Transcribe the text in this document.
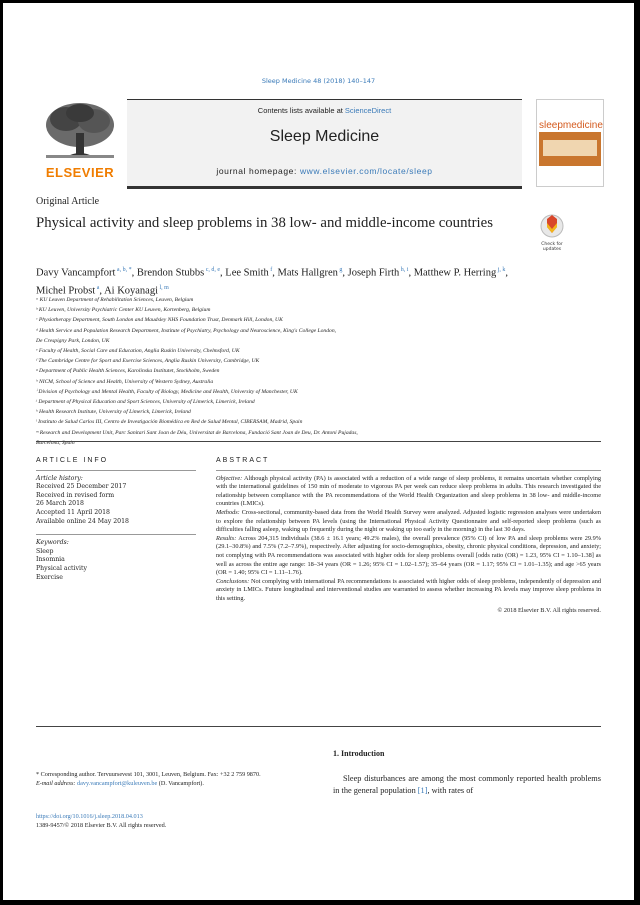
Sleep Medicine 48 (2018) 140–147
ELSEVIER
Contents lists available at ScienceDirect
Sleep Medicine
journal homepage: www.elsevier.com/locate/sleep
sleepmedicine
Original Article
Physical activity and sleep problems in 38 low- and middle-income countries
Check for
updates
Davy Vancampfort $^{a, b, *}$, Brendon Stubbs $^{c, d, e}$, Lee Smith $^f$, Mats Hallgren $^g$, Joseph Firth $^{h, i}$, Matthew P. Herring $^{j, k}$, Michel Probst $^a$, Ai Koyanagi $^{l, m}$
ᵃ KU Leuven Department of Rehabilitation Sciences, Leuven, Belgium
ᵇ KU Leuven, University Psychiatric Center KU Leuven, Kortenberg, Belgium
ᶜ Physiotherapy Department, South London and Maudsley NHS Foundation Trust, Denmark Hill, London, UK
ᵈ Health Service and Population Research Department, Institute of Psychiatry, Psychology and Neuroscience, King's College London,
De Crespigny Park, London, UK
ᵉ Faculty of Health, Social Care and Education, Anglia Ruskin University, Chelmsford, UK
ᶠ The Cambridge Centre for Sport and Exercise Sciences, Anglia Ruskin University, Cambridge, UK
ᵍ Department of Public Health Sciences, Karolinska Institutet, Stockholm, Sweden
ʰ NICM, School of Science and Health, University of Western Sydney, Australia
ⁱ Division of Psychology and Mental Health, Faculty of Biology, Medicine and Health, University of Manchester, UK
ʲ Department of Physical Education and Sport Sciences, University of Limerick, Limerick, Ireland
ᵏ Health Research Institute, University of Limerick, Limerick, Ireland
ˡ Instituto de Salud Carlos III, Centro de Investigación Biomédica en Red de Salud Mental, CIBERSAM, Madrid, Spain
ᵐ Research and Development Unit, Parc Sanitari Sant Joan de Déu, Universitat de Barcelona, Fundació Sant Joan de Deu, Dr. Antoni Pujadas,
Barcelona, Spain
ARTICLE INFO
Article history:
Received 25 December 2017
Received in revised form
26 March 2018
Accepted 11 April 2018
Available online 24 May 2018
Keywords:
Sleep
Insomnia
Physical activity
Exercise
ABSTRACT
Objective: Although physical activity (PA) is associated with a reduction of a wide range of sleep problems, it remains uncertain whether complying with the international guidelines of 150 min of moderate to vigorous PA per week can reduce sleep problems in adults. This research investigated the relationship between compliance with the PA recommendations of the World Health Organization and sleep problems in 38 low- and middle-income countries (LMICs).
Methods: Cross-sectional, community-based data from the World Health Survey were analyzed. Adjusted logistic regression analyses were undertaken to explore the relationship between PA levels (using the International Physical Activity Questionnaire and self-reported sleep problems (such as difficulties falling asleep, waking up frequently during the night or waking up too early in the morning) in the last 30 days.
Results: Across 204,315 individuals (38.6 ± 16.1 years; 49.2% males), the overall prevalence (95% CI) of low PA and sleep problems were 29.9% (29.1–30.8%) and 7.5% (7.2–7.9%), respectively. After adjusting for socio-demographics, obesity, chronic physical conditions, depression, and anxiety; not complying with PA recommendations was associated with higher odds for sleep problems overall [odds ratio (OR) = 1.23, 95% CI = 1.10–1.38] as well as across the entire age range: 18–34 years (OR = 1.26; 95% CI = 1.02–1.57); 35–64 years (OR = 1.17; 95% CI = 1.01–1.35); and age >65 years (OR = 1.40; 95% CI = 1.11–1.76).
Conclusions: Not complying with international PA recommendations is associated with higher odds of sleep problems, independently of depression and anxiety in LMICs. Future longitudinal and interventional studies are warranted to assess whether increasing PA levels may improve sleep problems in this setting.
© 2018 Elsevier B.V. All rights reserved.
* Corresponding author. Tervuursevest 101, 3001, Leuven, Belgium. Fax: +32 2 759 9870.
E-mail address: davy.vancampfort@kuleuven.be (D. Vancampfort).
https://doi.org/10.1016/j.sleep.2018.04.013
1389-9457/© 2018 Elsevier B.V. All rights reserved.
1. Introduction
Sleep disturbances are among the most commonly reported health problems in the general population [1], with rates of
